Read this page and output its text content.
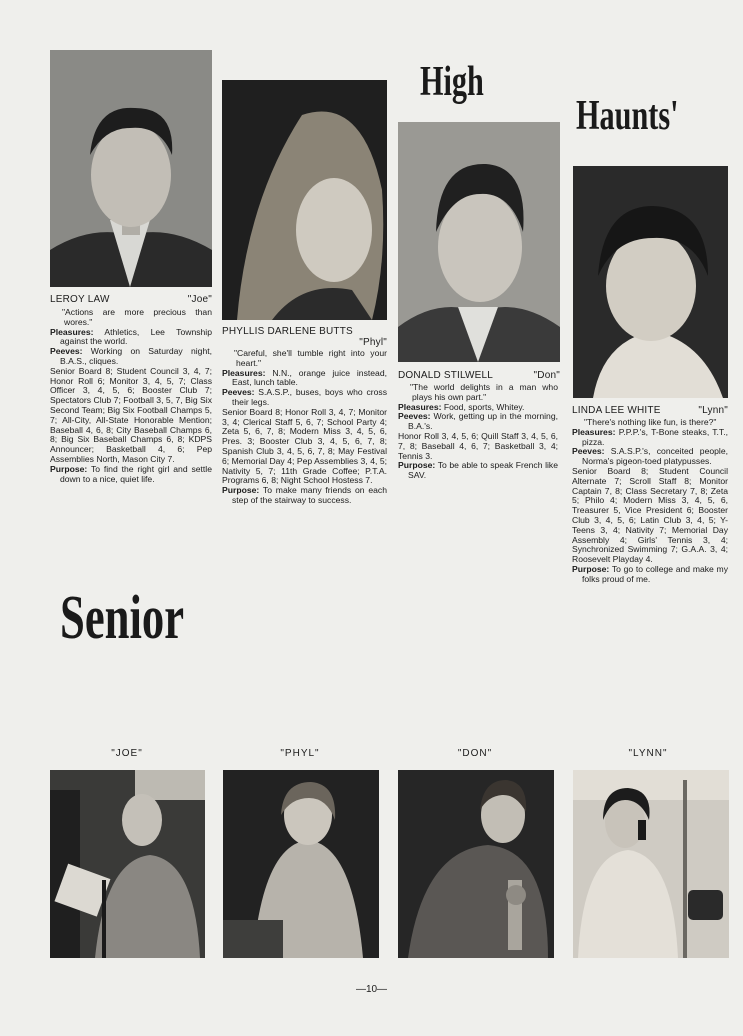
High
Haunts'
Senior
LEROY LAW	"Joe"

"Actions are more precious than wores."

Pleasures: Athletics, Lee Township against the world.

Peeves: Working on Saturday night, B.A.S., cliques.

Senior Board 8; Student Council 3, 4, 7; Honor Roll 6; Monitor 3, 4, 5, 7; Class Officer 3, 4, 5, 6; Booster Club 7; Spectators Club 7; Football 3, 5, 7, Big Six Second Team; Big Six Football Champs 5, 7; All-City, All-State Honorable Mention; Baseball 4, 6, 8; City Baseball Champs 6, 8; Big Six Baseball Champs 6, 8; KDPS Announcer; Basketball 4, 6; Pep Assemblies North, Mason City 7.

Purpose: To find the right girl and settle down to a nice, quiet life.

PHYLLIS DARLENE BUTTS
"Phyl"

"Careful, she'll tumble right into your heart."

Pleasures: N.N., orange juice instead, East, lunch table.

Peeves: S.A.S.P., buses, boys who cross their legs.

Senior Board 8; Honor Roll 3, 4, 7; Monitor 3, 4; Clerical Staff 5, 6, 7; School Party 4; Zeta 5, 6, 7, 8; Modern Miss 3, 4, 5, 6, Pres. 3; Booster Club 3, 4, 5, 6, 7, 8; Spanish Club 3, 4, 5, 6, 7, 8; May Festival 6; Memorial Day 4; Pep Assemblies 3, 4, 5; Nativity 5, 7; 11th Grade Coffee; P.T.A. Programs 6, 8; Night School Hostess 7.

Purpose: To make many friends on each step of the stairway to success.

DONALD STILWELL	"Don"

"The world delights in a man who plays his own part."

Pleasures: Food, sports, Whitey.

Peeves: Work, getting up in the morning, B.A.'s.

Honor Roll 3, 4, 5, 6; Quill Staff 3, 4, 5, 6, 7, 8; Baseball 4, 6, 7; Basketball 3, 4; Tennis 3.

Purpose: To be able to speak French like SAV.

LINDA LEE WHITE	"Lynn"

"There's nothing like fun, is there?"

Pleasures: P.P.P.'s, T-Bone steaks, T.T., pizza.

Peeves: S.A.S.P.'s, conceited people, Norma's pigeon-toed platypusses.

Senior Board 8; Student Council Alternate 7; Scroll Staff 8; Monitor Captain 7, 8; Class Secretary 7, 8; Zeta 5; Philo 4; Modern Miss 3, 4, 5, 6, Treasurer 5, Vice President 6; Booster Club 3, 4, 5, 6; Latin Club 3, 4, 5; Y-Teens 3, 4; Nativity 7; Memorial Day Assembly 4; Girls' Tennis 3, 4; Synchronized Swimming 7; G.A.A. 3, 4; Roosevelt Playday 4.

Purpose: To go to college and make my folks proud of me.

"JOE"	"PHYL"	"DON"	"LYNN"
—10—
